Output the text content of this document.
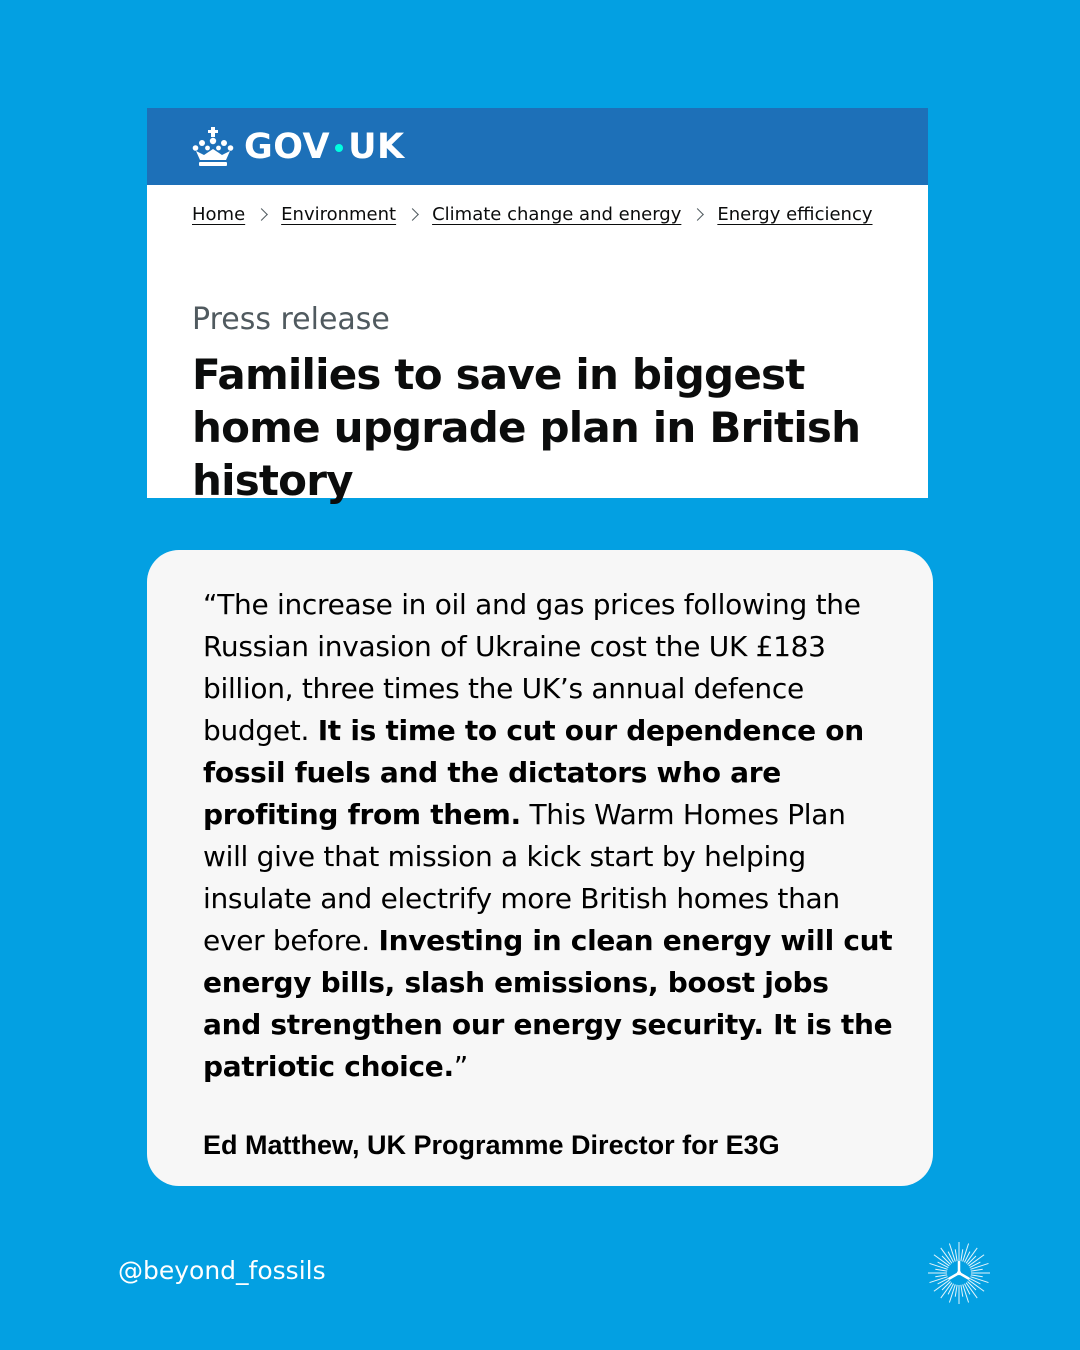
GOV UK
Home Environment Climate change and energy Energy efficiency
Press release
Families to save in biggest home upgrade plan in British history

“The increase in oil and gas prices following the Russian invasion of Ukraine cost the UK £183 billion, three times the UK’s annual defence budget. It is time to cut our dependence on fossil fuels and the dictators who are profiting from them. This Warm Homes Plan will give that mission a kick start by helping insulate and electrify more British homes than ever before. Investing in clean energy will cut energy bills, slash emissions, boost jobs and strengthen our energy security. It is the patriotic choice.”

Ed Matthew, UK Programme Director for E3G
@beyond_fossils
